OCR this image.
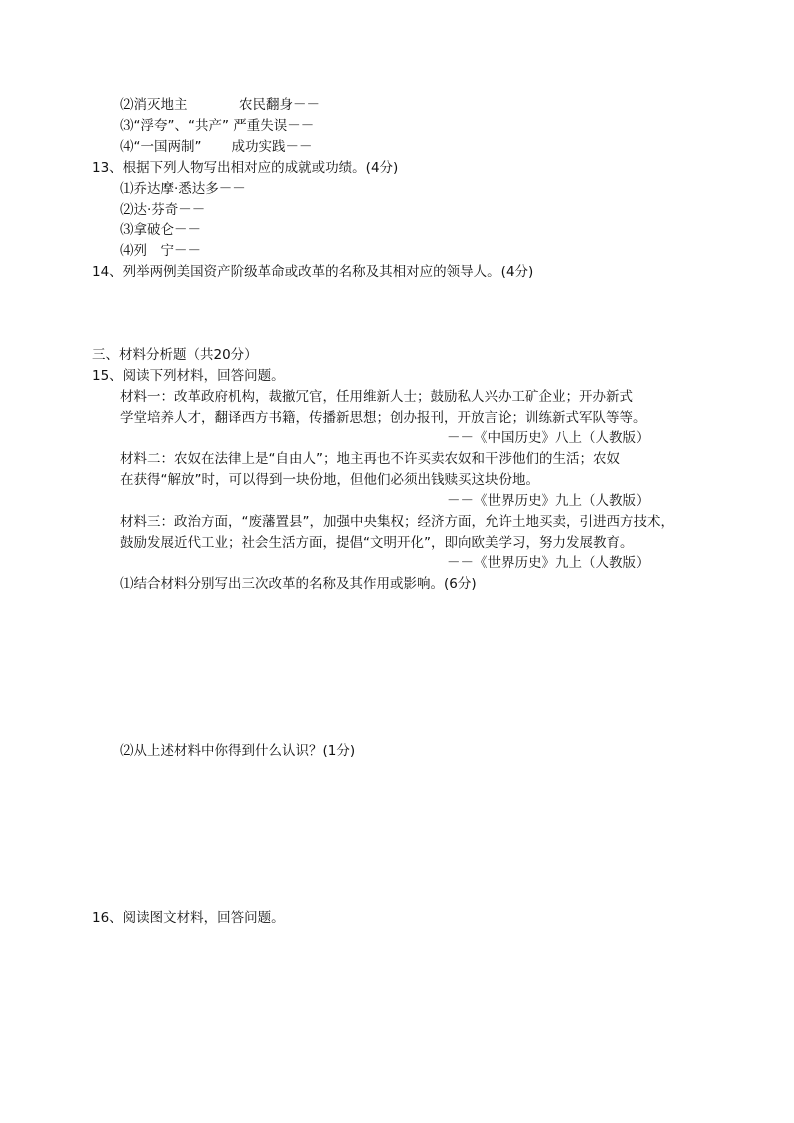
⑵消灭地主            农民翻身－－
⑶“浮夸”、“共产” 严重失误－－
⑷“一国两制”       成功实践－－
13、根据下列人物写出相对应的成就或功绩。(4分)
⑴乔达摩·悉达多－－
⑵达·芬奇－－
⑶拿破仑－－
⑷列　宁－－
14、列举两例美国资产阶级革命或改革的名称及其相对应的领导人。(4分)
三、材料分析题（共20分）
15、阅读下列材料，回答问题。
材料一：改革政府机构，裁撤冗官，任用维新人士；鼓励私人兴办工矿企业；开办新式
学堂培养人才，翻译西方书籍，传播新思想；创办报刊，开放言论；训练新式军队等等。
－－《中国历史》八上（人教版）
材料二：农奴在法律上是“自由人”；地主再也不许买卖农奴和干涉他们的生活；农奴
在获得“解放”时，可以得到一块份地，但他们必须出钱赎买这块份地。
－－《世界历史》九上（人教版）
材料三：政治方面，“废藩置县”，加强中央集权；经济方面，允许土地买卖，引进西方技术，
鼓励发展近代工业；社会生活方面，提倡“文明开化”，即向欧美学习，努力发展教育。
－－《世界历史》九上（人教版）
⑴结合材料分别写出三次改革的名称及其作用或影响。(6分)
⑵从上述材料中你得到什么认识？(1分)
16、阅读图文材料，回答问题。
